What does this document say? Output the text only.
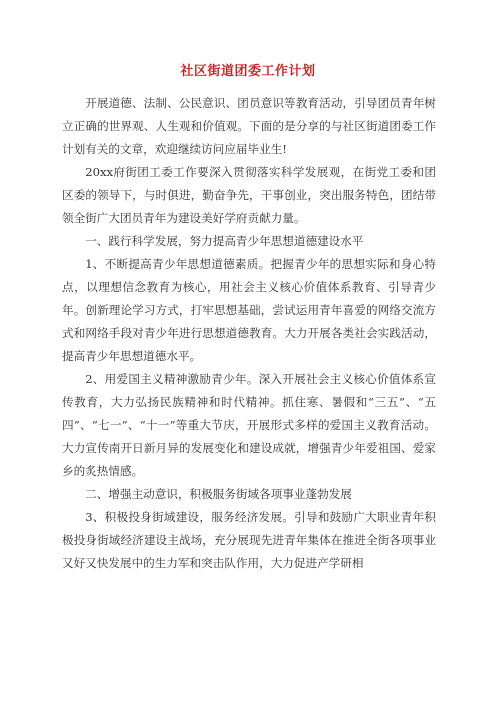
社区街道团委工作计划

开展道德、法制、公民意识、团员意识等教育活动，引导团员青年树立正确的世界观、人生观和价值观。下面的是分享的与社区街道团委工作计划有关的文章，欢迎继续访问应届毕业生!

20xx府街团工委工作要深入贯彻落实科学发展观，在街党工委和团区委的领导下，与时俱进，勤奋争先，干事创业，突出服务特色，团结带领全街广大团员青年为建设美好学府贡献力量。

一、践行科学发展，努力提高青少年思想道德建设水平

1、不断提高青少年思想道德素质。把握青少年的思想实际和身心特点，以理想信念教育为核心，用社会主义核心价值体系教育、引导青少年。创新理论学习方式，打牢思想基础，尝试运用青年喜爱的网络交流方式和网络手段对青少年进行思想道德教育。大力开展各类社会实践活动，提高青少年思想道德水平。

2、用爱国主义精神激励青少年。深入开展社会主义核心价值体系宣传教育，大力弘扬民族精神和时代精神。抓住寒、暑假和“三五”、“五四”、“七一”、“十一”等重大节庆，开展形式多样的爱国主义教育活动。大力宣传南开日新月异的发展变化和建设成就，增强青少年爱祖国、爱家乡的炙热情感。

二、增强主动意识，积极服务街域各项事业蓬勃发展

3、积极投身街域建设，服务经济发展。引导和鼓励广大职业青年积极投身街域经济建设主战场，充分展现先进青年集体在推进全街各项事业又好又快发展中的生力军和突击队作用，大力促进产学研相
